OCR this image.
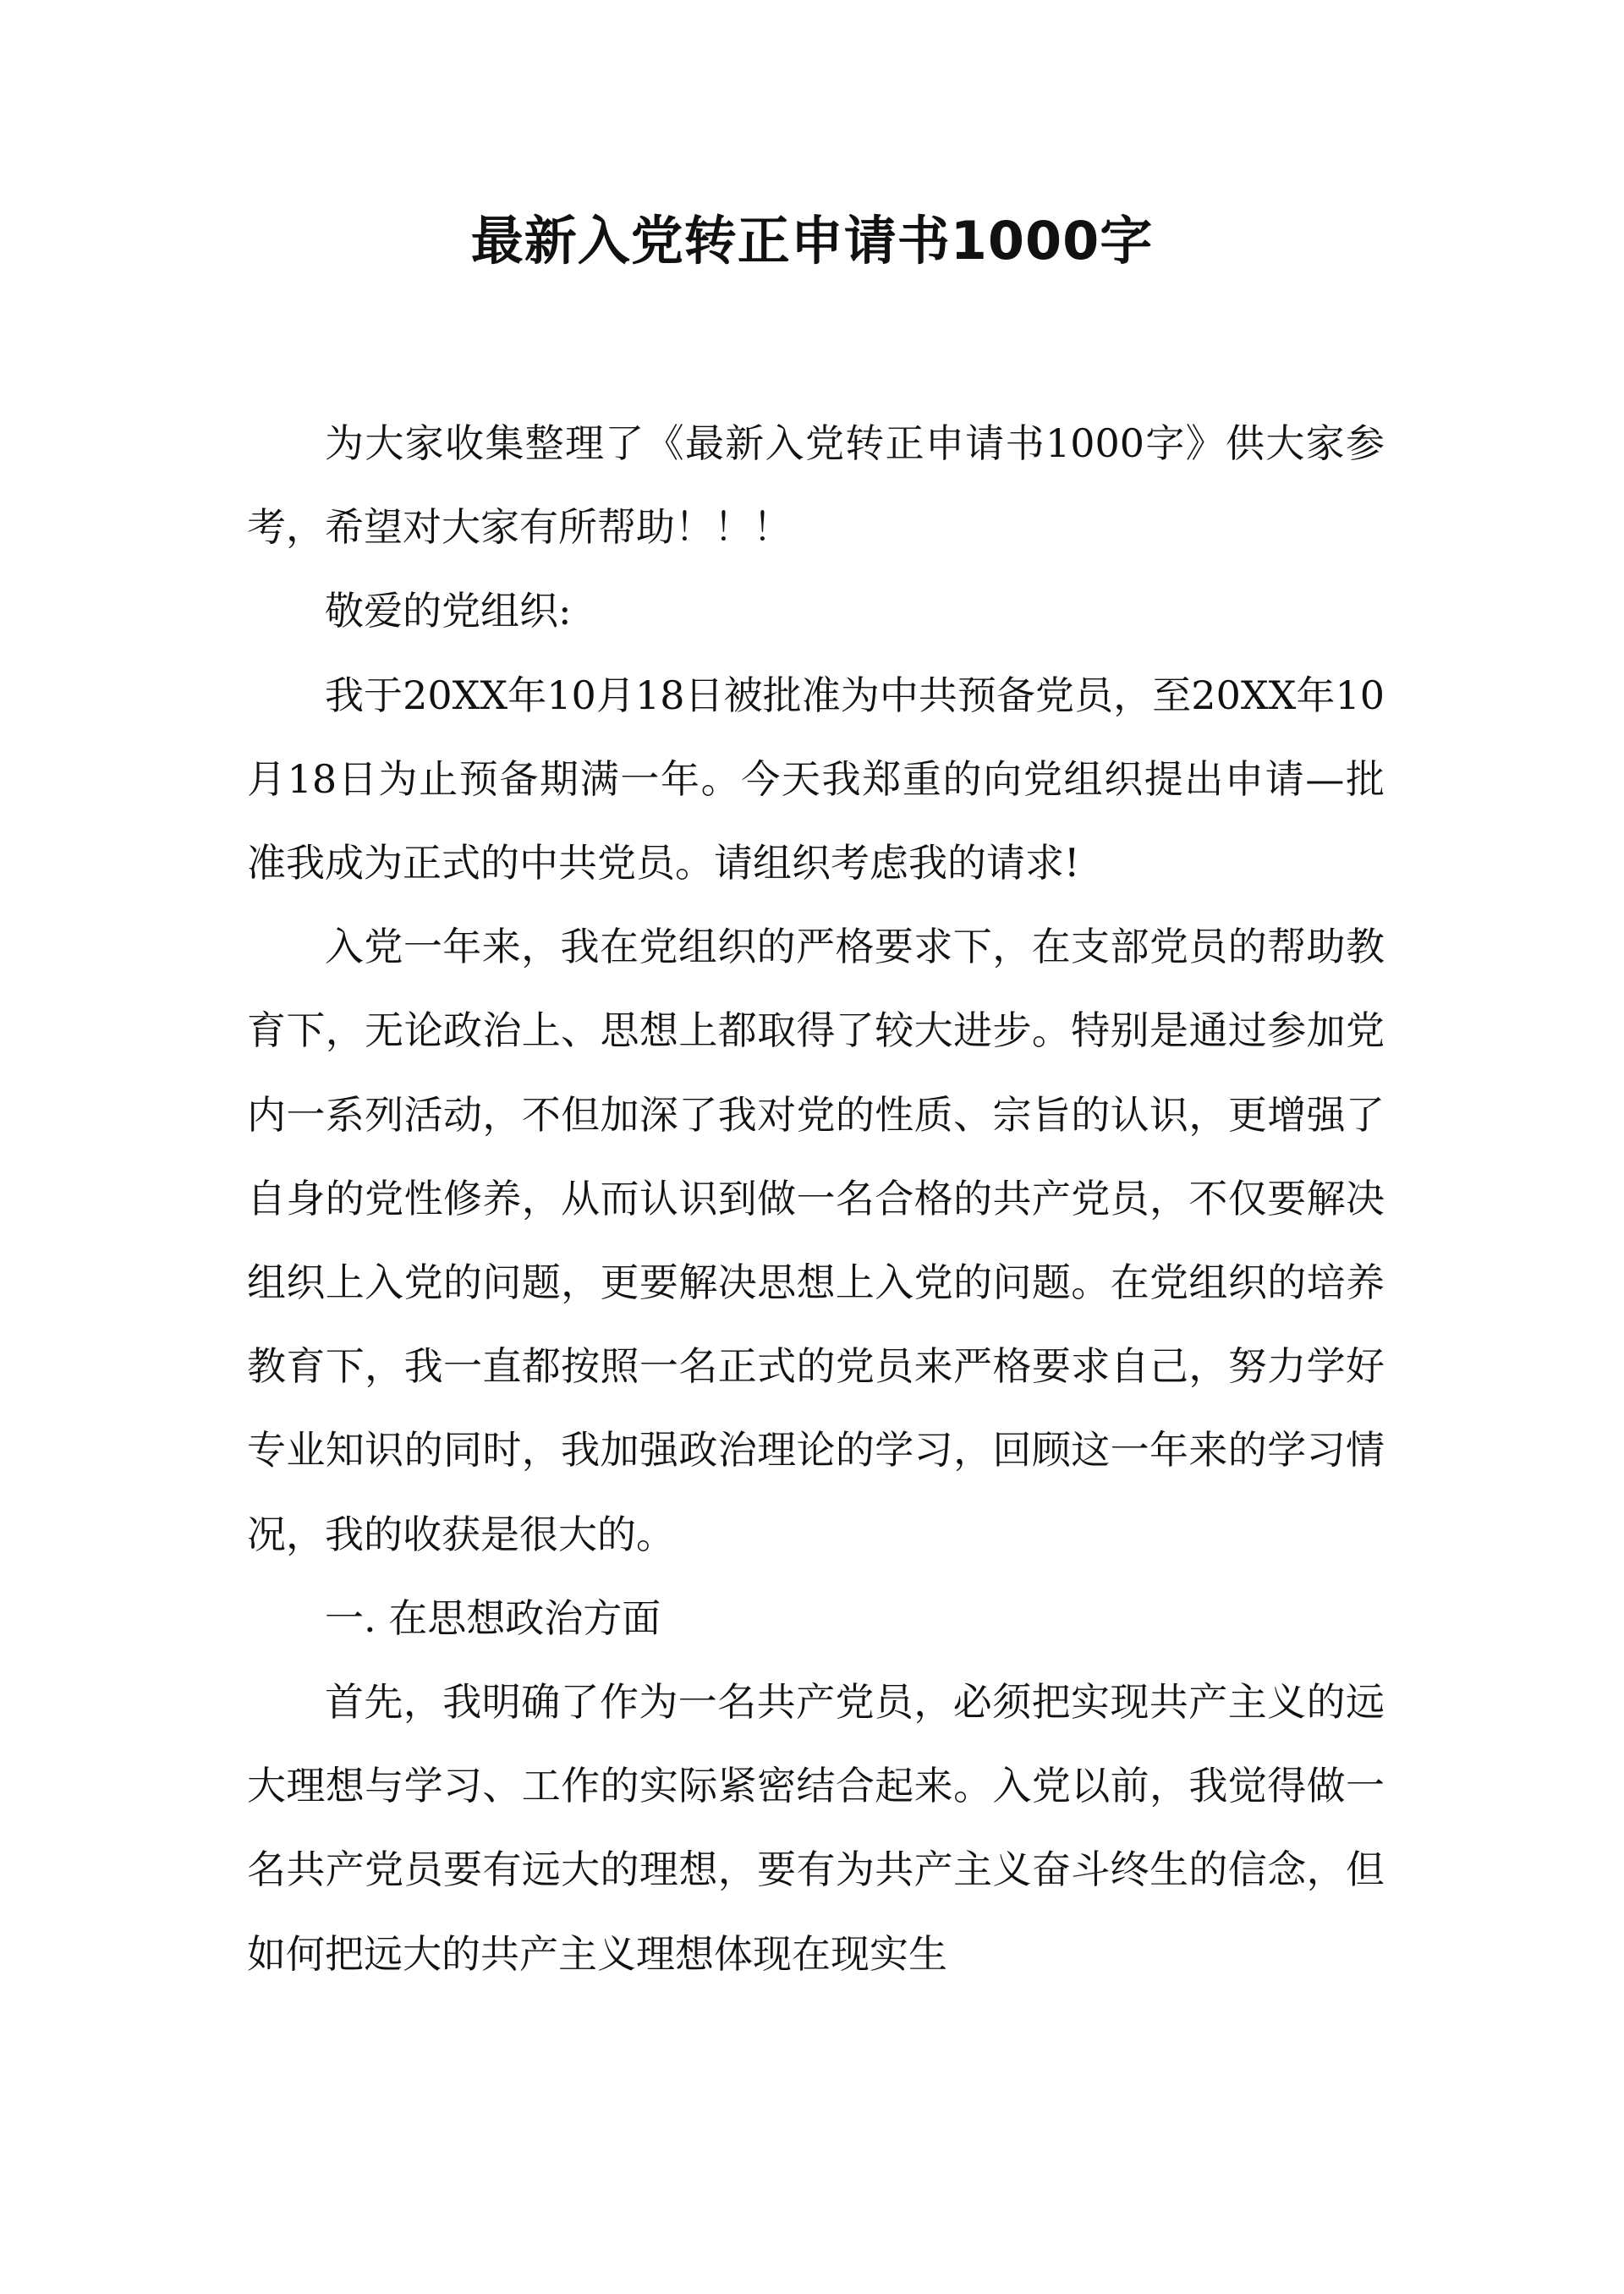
最新入党转正申请书1000字

为大家收集整理了《最新入党转正申请书1000字》供大家参考，希望对大家有所帮助！！！

敬爱的党组织:

我于20XX年10月18日被批准为中共预备党员，至20XX年10月18日为止预备期满一年。今天我郑重的向党组织提出申请—批准我成为正式的中共党员。请组织考虑我的请求!

入党一年来，我在党组织的严格要求下，在支部党员的帮助教育下，无论政治上、思想上都取得了较大进步。特别是通过参加党内一系列活动，不但加深了我对党的性质、宗旨的认识，更增强了自身的党性修养，从而认识到做一名合格的共产党员，不仅要解决组织上入党的问题，更要解决思想上入党的问题。在党组织的培养教育下，我一直都按照一名正式的党员来严格要求自己，努力学好专业知识的同时，我加强政治理论的学习，回顾这一年来的学习情况，我的收获是很大的。

一. 在思想政治方面

首先，我明确了作为一名共产党员，必须把实现共产主义的远大理想与学习、工作的实际紧密结合起来。入党以前，我觉得做一名共产党员要有远大的理想，要有为共产主义奋斗终生的信念，但如何把远大的共产主义理想体现在现实生
